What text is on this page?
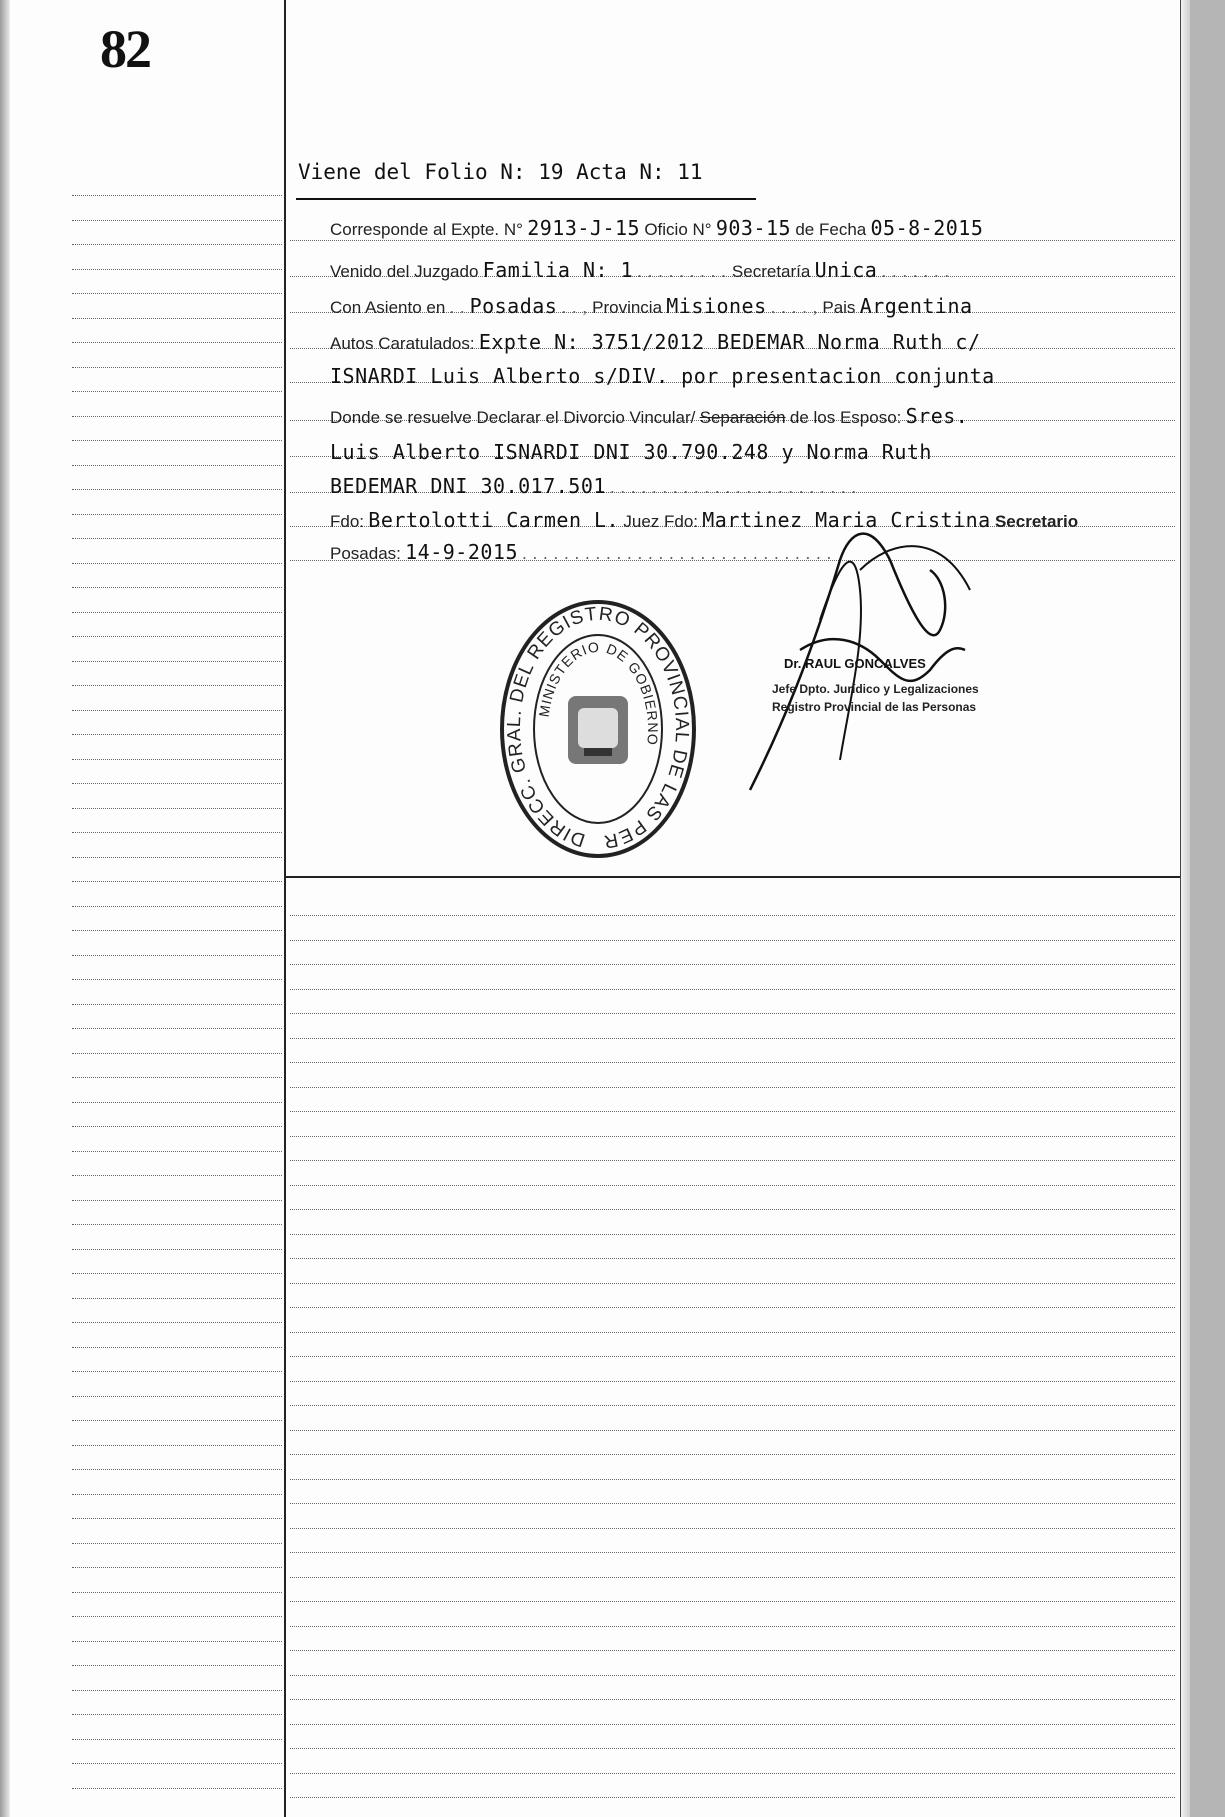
82
Viene del Folio N: 19 Acta N: 11
Corresponde al Expte. N° 2913-J-15 Oficio N° 903-15 de Fecha 05-8-2015
Venido del Juzgado Familia N: 1 . . . . . . . . . Secretaría Unica . . . . . . .
Con Asiento en . . Posadas . . , Provincia Misiones . . . . , Pais Argentina
Autos Caratulados: Expte N: 3751/2012 BEDEMAR Norma Ruth c/
ISNARDI Luis Alberto s/DIV. por presentacion conjunta
Donde se resuelve Declarar el Divorcio Vincular/ Separación de los Esposo: Sres.
Luis Alberto ISNARDI DNI 30.790.248 y Norma Ruth
BEDEMAR DNI 30.017.501 . . . . . . . . . . . . . . . . . . . . . . . .
Fdo: Bertolotti Carmen L. Juez Fdo: Martinez Maria Cristina Secretario
Posadas: 14-9-2015 . . . . . . . . . . . . . . . . . . . . . . . . . . . . . .
DIRECC. GRAL. DEL REGISTRO PROVINCIAL DE LAS PER
MINISTERIO DE GOBIERNO
Dr. RAUL GONCALVES
Jefe Dpto. Jurídico y Legalizaciones
Registro Provincial de las Personas
